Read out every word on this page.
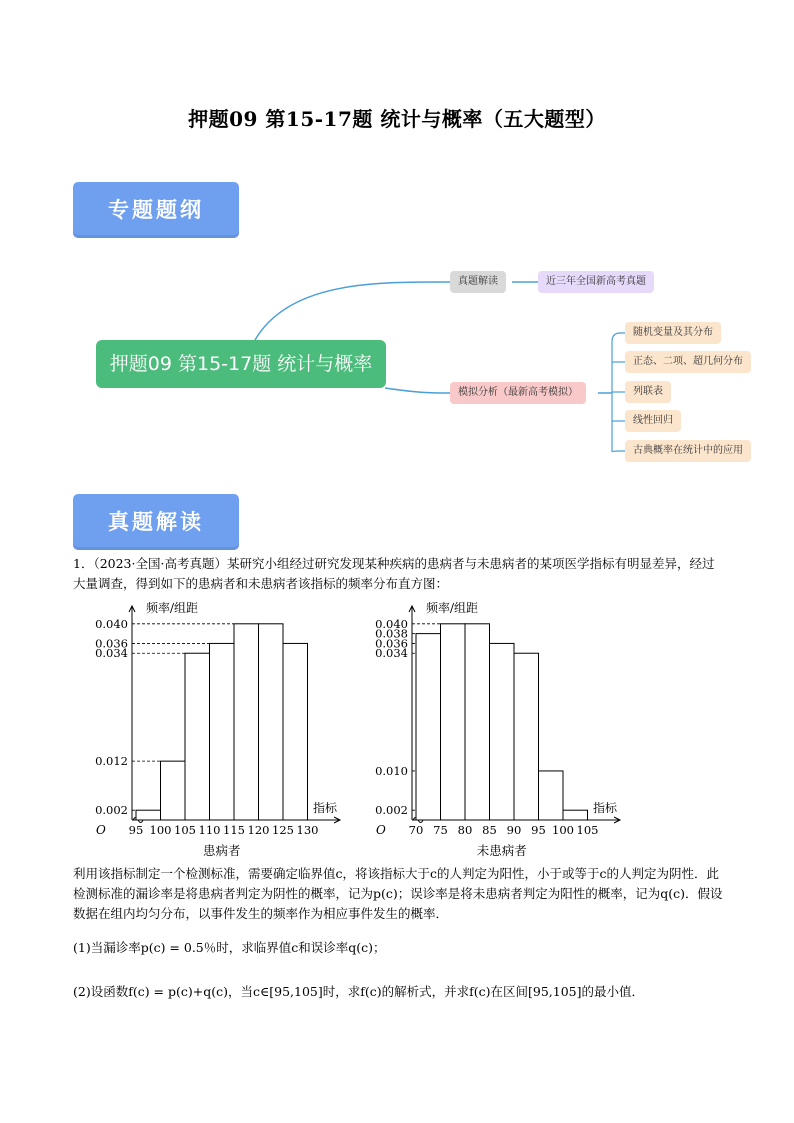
押题09 第15-17题 统计与概率（五大题型）
专题题纲
押题09 第15-17题 统计与概率
真题解读	近三年全国新高考真题
模拟分析（最新高考模拟）
随机变量及其分布
正态、二项、超几何分布
列联表
线性回归
古典概率在统计中的应用
真题解读
1．（2023·全国·高考真题）某研究小组经过研究发现某种疾病的患病者与未患病者的某项医学指标有明显差异，经过大量调查，得到如下的患病者和未患病者该指标的频率分布直方图：
频率/组距
指标
O
0.002
0.012
0.034
0.036
0.040
95 100 105 110 115 120 125 130
患病者
频率/组距
指标
O
0.002
0.010
0.034
0.036
0.038
0.040
70 75 80 85 90 95 100 105
未患病者
利用该指标制定一个检测标准，需要确定临界值c，将该指标大于c的人判定为阳性，小于或等于c的人判定为阴性．此检测标准的漏诊率是将患病者判定为阴性的概率，记为p(c)；误诊率是将未患病者判定为阳性的概率，记为q(c)．假设数据在组内均匀分布，以事件发生的频率作为相应事件发生的概率．
(1)当漏诊率p(c) = 0.5％时，求临界值c和误诊率q(c)；
(2)设函数f(c) = p(c)+q(c)，当c∈[95,105]时，求f(c)的解析式，并求f(c)在区间[95,105]的最小值．
